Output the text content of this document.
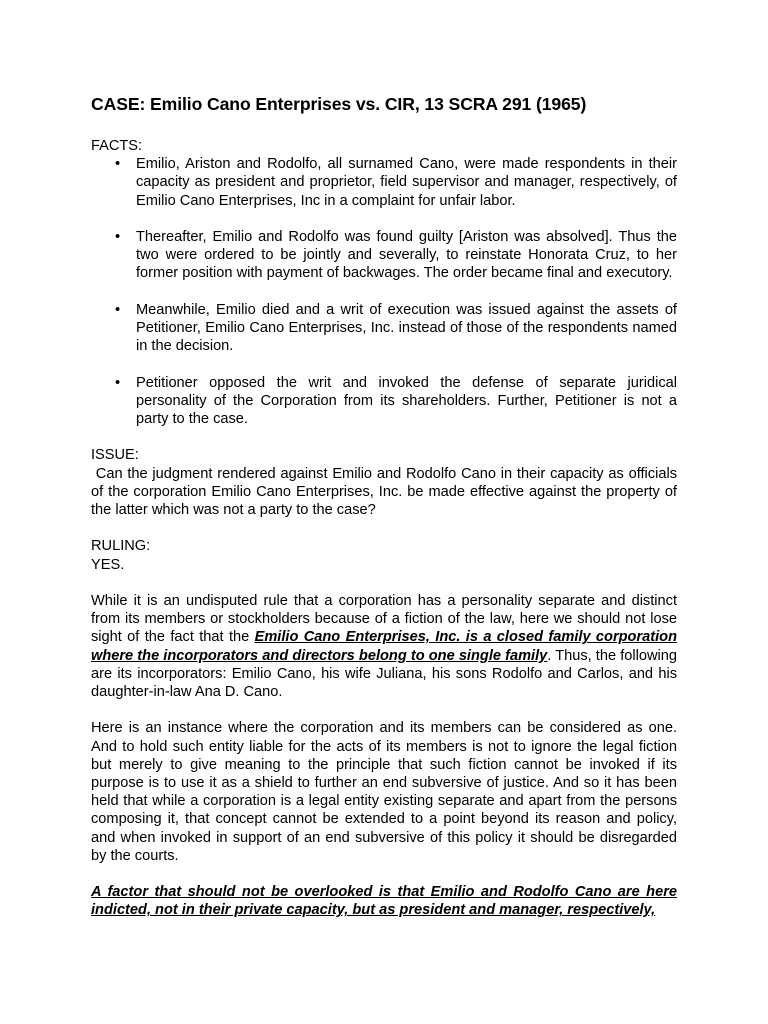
CASE: Emilio Cano Enterprises vs. CIR, 13 SCRA 291 (1965)
FACTS:
• Emilio, Ariston and Rodolfo, all surnamed Cano, were made respondents in their capacity as president and proprietor, field supervisor and manager, respectively, of Emilio Cano Enterprises, Inc in a complaint for unfair labor.
• Thereafter, Emilio and Rodolfo was found guilty [Ariston was absolved]. Thus the two were ordered to be jointly and severally, to reinstate Honorata Cruz, to her former position with payment of backwages. The order became final and executory.
• Meanwhile, Emilio died and a writ of execution was issued against the assets of Petitioner, Emilio Cano Enterprises, Inc. instead of those of the respondents named in the decision.
• Petitioner opposed the writ and invoked the defense of separate juridical personality of the Corporation from its shareholders. Further, Petitioner is not a party to the case.
ISSUE:
Can the judgment rendered against Emilio and Rodolfo Cano in their capacity as officials of the corporation Emilio Cano Enterprises, Inc. be made effective against the property of the latter which was not a party to the case?
RULING:
YES.
While it is an undisputed rule that a corporation has a personality separate and distinct from its members or stockholders because of a fiction of the law, here we should not lose sight of the fact that the Emilio Cano Enterprises, Inc. is a closed family corporation where the incorporators and directors belong to one single family. Thus, the following are its incorporators: Emilio Cano, his wife Juliana, his sons Rodolfo and Carlos, and his daughter-in-law Ana D. Cano.
Here is an instance where the corporation and its members can be considered as one. And to hold such entity liable for the acts of its members is not to ignore the legal fiction but merely to give meaning to the principle that such fiction cannot be invoked if its purpose is to use it as a shield to further an end subversive of justice. And so it has been held that while a corporation is a legal entity existing separate and apart from the persons composing it, that concept cannot be extended to a point beyond its reason and policy, and when invoked in support of an end subversive of this policy it should be disregarded by the courts.
A factor that should not be overlooked is that Emilio and Rodolfo Cano are here indicted, not in their private capacity, but as president and manager, respectively,
